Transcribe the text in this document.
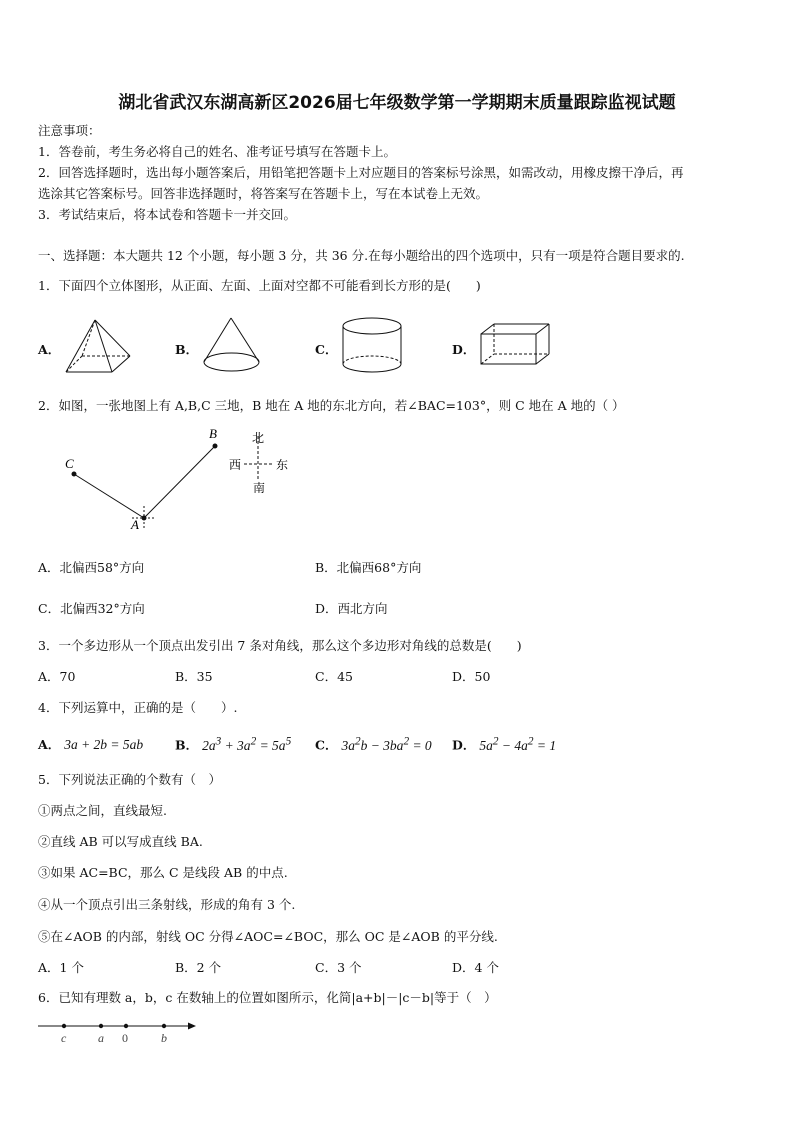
湖北省武汉东湖高新区2026届七年级数学第一学期期末质量跟踪监视试题
注意事项：
1．答卷前，考生务必将自己的姓名、准考证号填写在答题卡上。
2．回答选择题时，选出每小题答案后，用铅笔把答题卡上对应题目的答案标号涂黑，如需改动，用橡皮擦干净后，再
选涂其它答案标号。回答非选择题时，将答案写在答题卡上，写在本试卷上无效。
3．考试结束后，将本试卷和答题卡一并交回。
一、选择题：本大题共 12 个小题，每小题 3 分，共 36 分.在每小题给出的四个选项中，只有一项是符合题目要求的.
1．下面四个立体图形，从正面、左面、上面对空都不可能看到长方形的是(　　)
A．	B．	C．	D．
2．如图，一张地图上有 A,B,C 三地，B 地在 A 地的东北方向，若∠BAC=103°，则 C 地在 A 地的（ ）
B
C
A
北
南
西	东
A．北偏西58°方向	B．北偏西68°方向
C．北偏西32°方向	D．西北方向
3．一个多边形从一个顶点出发引出 7 条对角线，那么这个多边形对角线的总数是(　　)
A．70	B．35	C．45	D．50
4．下列运算中，正确的是（　　）.
A． 3a + 2b = 5ab	B． $2a^3 + 3a^2 = 5a^5$ C． $3a^2b - 3ba^2 = 0$ D． $5a^2 - 4a^2 = 1$
5．下列说法正确的个数有（　）
①两点之间，直线最短.
②直线 AB 可以写成直线 BA.
③如果 AC=BC，那么 C 是线段 AB 的中点.
④从一个顶点引出三条射线，形成的角有 3 个.
⑤在∠AOB 的内部，射线 OC 分得∠AOC=∠BOC，那么 OC 是∠AOB 的平分线.
A．1 个	B．2 个	C．3 个	D．4 个
6．已知有理数 a，b，c 在数轴上的位置如图所示，化简|a+b|－|c－b|等于（　）
c	a 0	b
